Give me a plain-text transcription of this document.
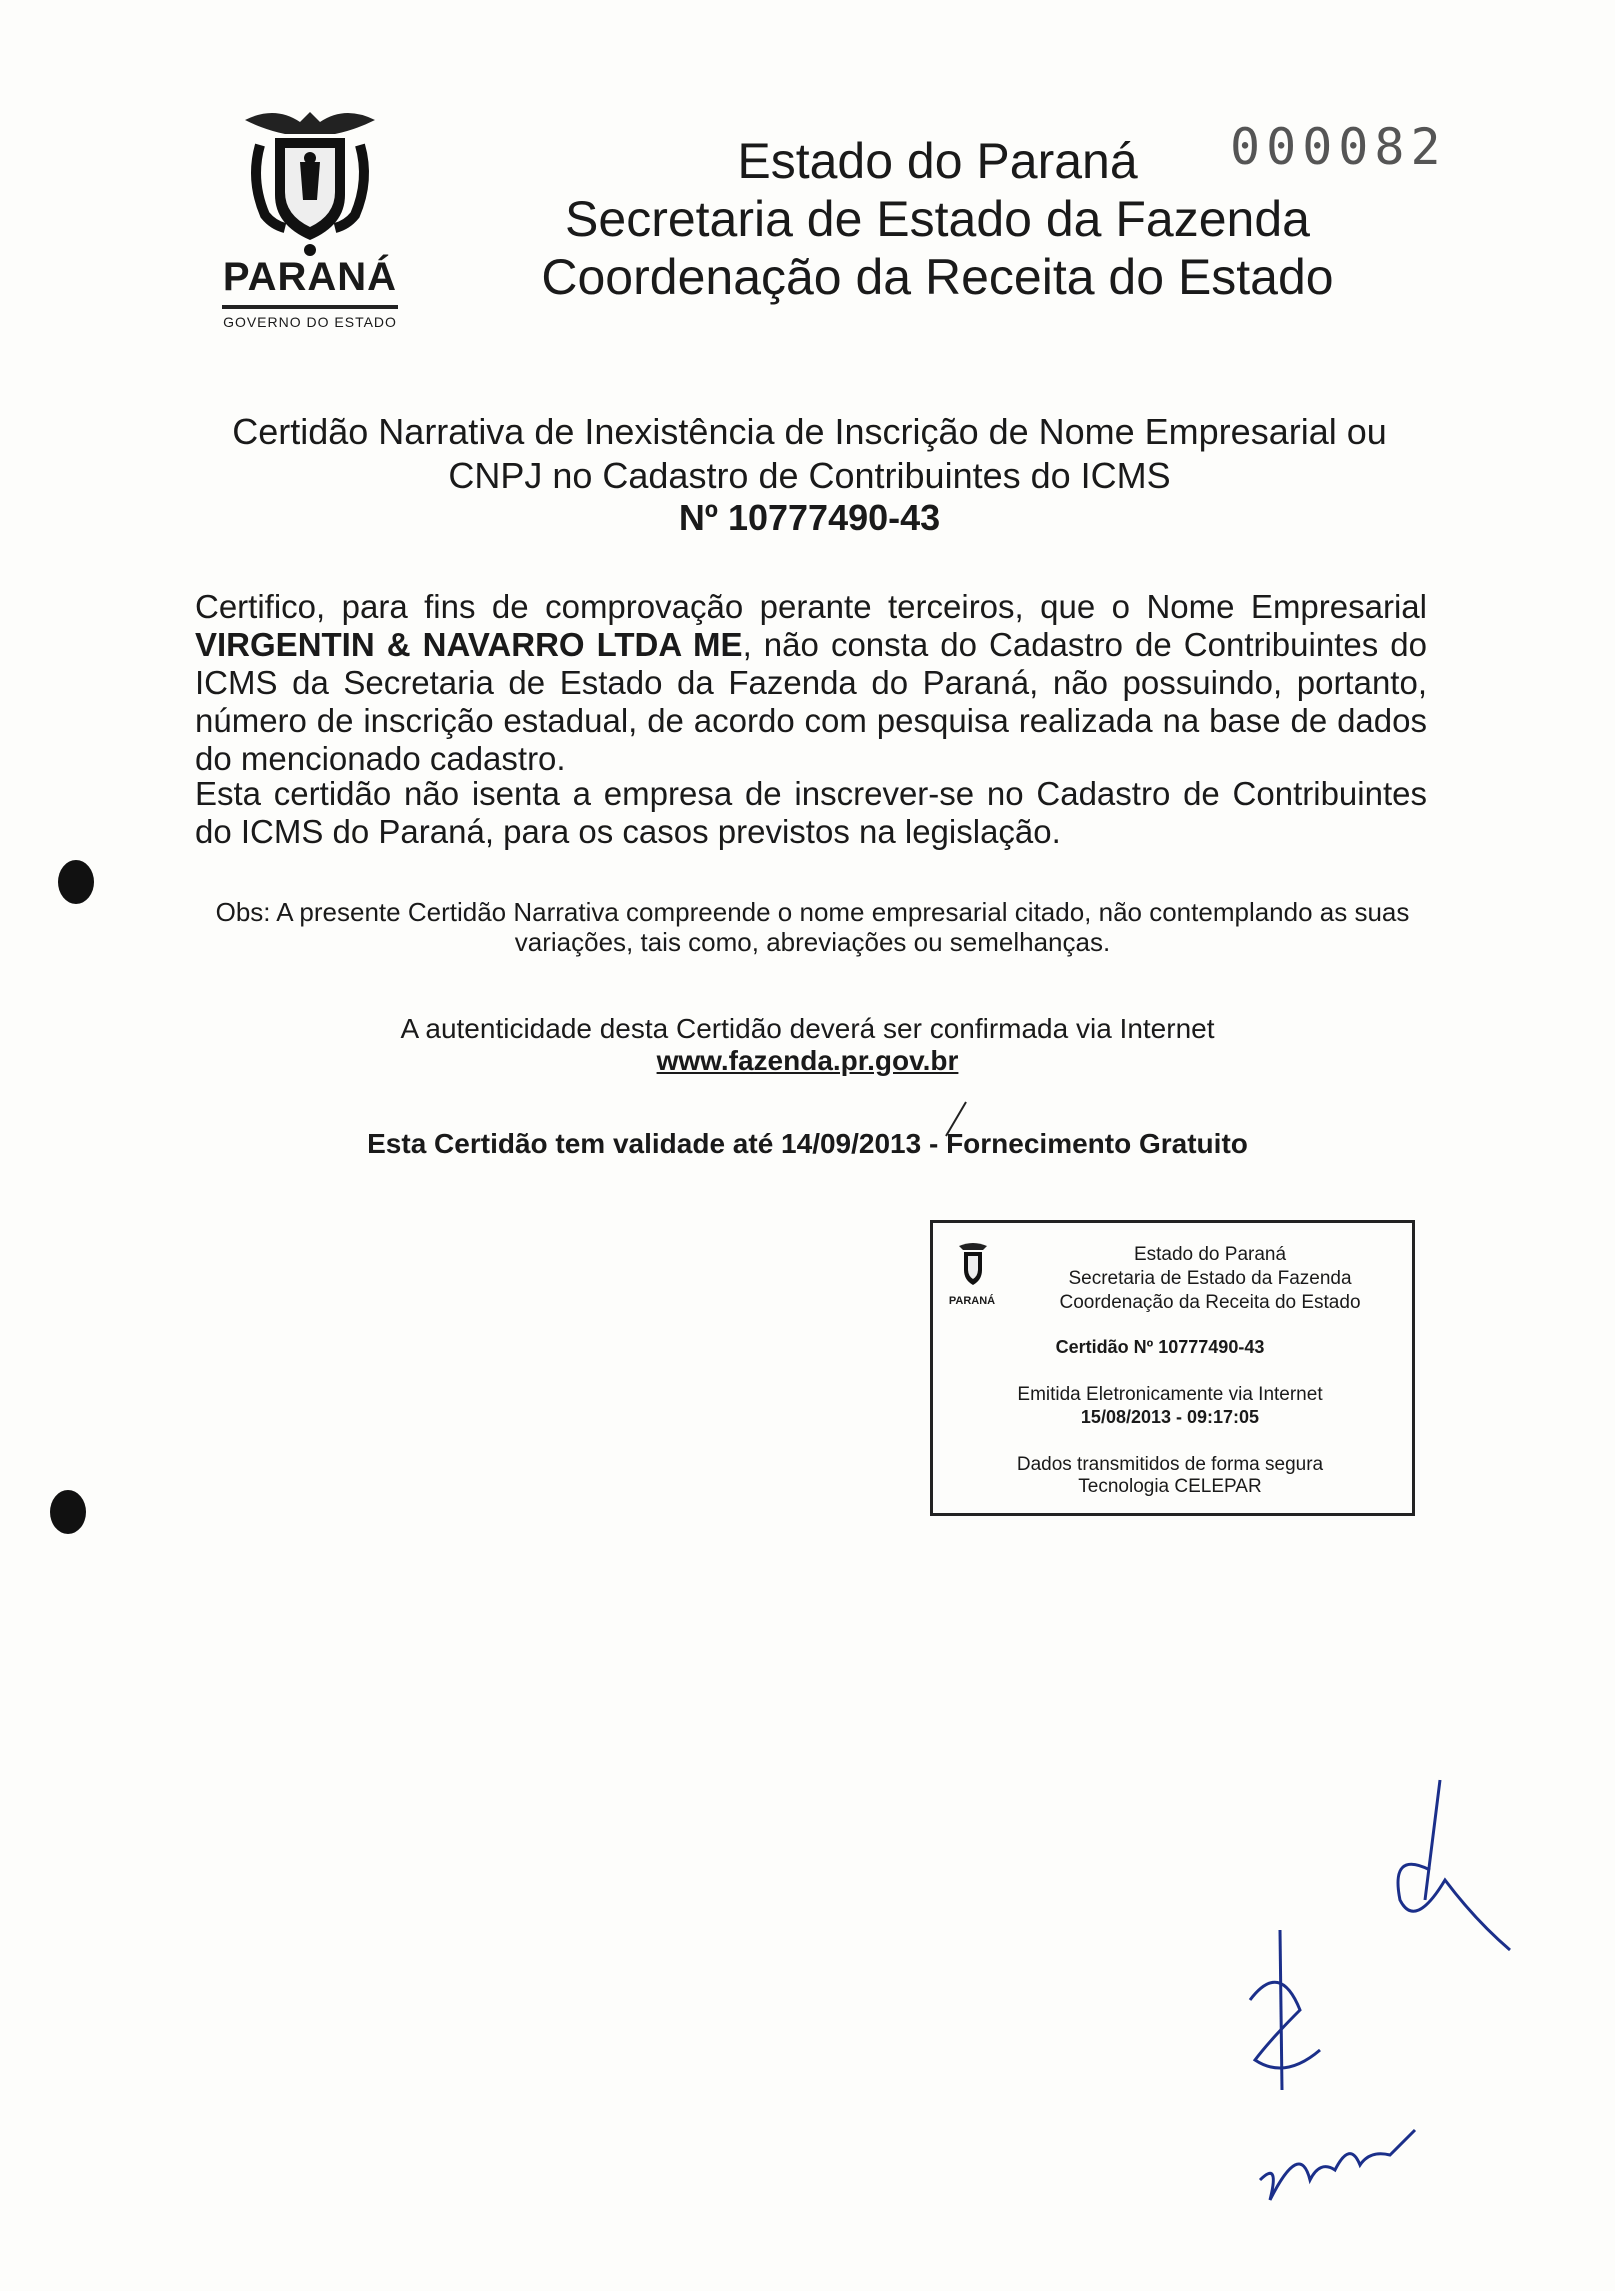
PARANÁ
GOVERNO DO ESTADO
000082
Estado do Paraná
Secretaria de Estado da Fazenda
Coordenação da Receita do Estado
Certidão Narrativa de Inexistência de Inscrição de Nome Empresarial ou
CNPJ no Cadastro de Contribuintes do ICMS
Nº 10777490-43
Certifico, para fins de comprovação perante terceiros, que o Nome Empresarial VIRGENTIN & NAVARRO LTDA ME, não consta do Cadastro de Contribuintes do ICMS da Secretaria de Estado da Fazenda do Paraná, não possuindo, portanto, número de inscrição estadual, de acordo com pesquisa realizada na base de dados do mencionado cadastro.
Esta certidão não isenta a empresa de inscrever-se no Cadastro de Contribuintes do ICMS do Paraná, para os casos previstos na legislação.
Obs: A presente Certidão Narrativa compreende o nome empresarial citado, não contemplando as suas variações, tais como, abreviações ou semelhanças.
A autenticidade desta Certidão deverá ser confirmada via Internet
www.fazenda.pr.gov.br
Esta Certidão tem validade até 14/09/2013 - Fornecimento Gratuito
PARANÁ
Estado do Paraná
Secretaria de Estado da Fazenda
Coordenação da Receita do Estado
Certidão Nº 10777490-43
Emitida Eletronicamente via Internet
15/08/2013 - 09:17:05
Dados transmitidos de forma segura
Tecnologia CELEPAR
